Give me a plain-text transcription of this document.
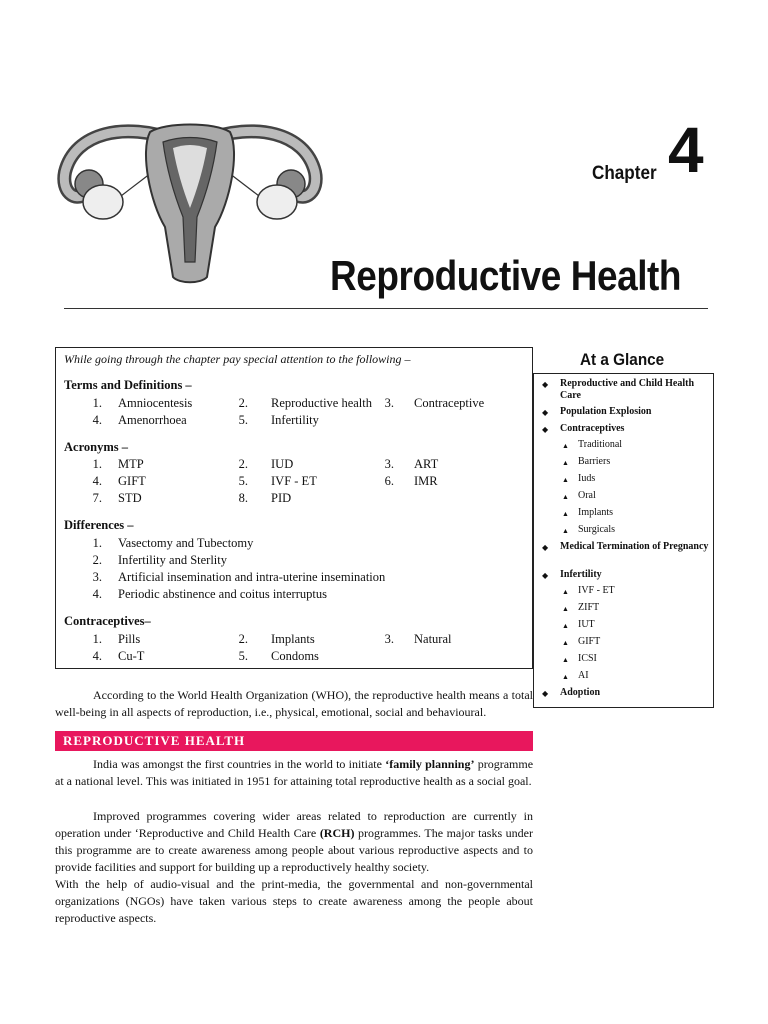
Chapter 4
Reproductive Health
While going through the chapter pay special attention to the following –
Terms and Definitions –
1. Amniocentesis	2. Reproductive health	3. Contraceptive
4. Amenorrhoea	5. Infertility
Acronyms –
1. MTP	2. IUD	3. ART
4. GIFT	5. IVF - ET	6. IMR
7. STD	8. PID
Differences –
1. Vasectomy and Tubectomy
2. Infertility and Sterlity
3. Artificial insemination and intra-uterine insemination
4. Periodic abstinence and coitus interruptus
Contraceptives–
1. Pills	2. Implants	3. Natural
4. Cu-T	5. Condoms
At a Glance
◆ Reproductive and Child Health Care
◆ Population Explosion
◆ Contraceptives
▲ Traditional
▲ Barriers
▲ Iuds
▲ Oral
▲ Implants
▲ Surgicals
◆ Medical Termination of Pregnancy
◆ Infertility
▲ IVF - ET
▲ ZIFT
▲ IUT
▲ GIFT
▲ ICSI
▲ AI
◆ Adoption
According to the World Health Organization (WHO), the reproductive health means a total well-being in all aspects of reproduction, i.e., physical, emotional, social and behavioural.
REPRODUCTIVE HEALTH
India was amongst the first countries in the world to initiate ‘family planning’ programme at a national level. This was initiated in 1951 for attaining total reproductive health as a social goal.
Improved programmes covering wider areas related to reproduction are currently in operation under ‘Reproductive and Child Health Care (RCH) programmes. The major tasks under this programme are to create awareness among people about various reproductive aspects and to provide facilities and support for building up a reproductively healthy society.
With the help of audio-visual and the print-media, the governmental and non-governmental organizations (NGOs) have taken various steps to create awareness among the people about reproductive aspects.
